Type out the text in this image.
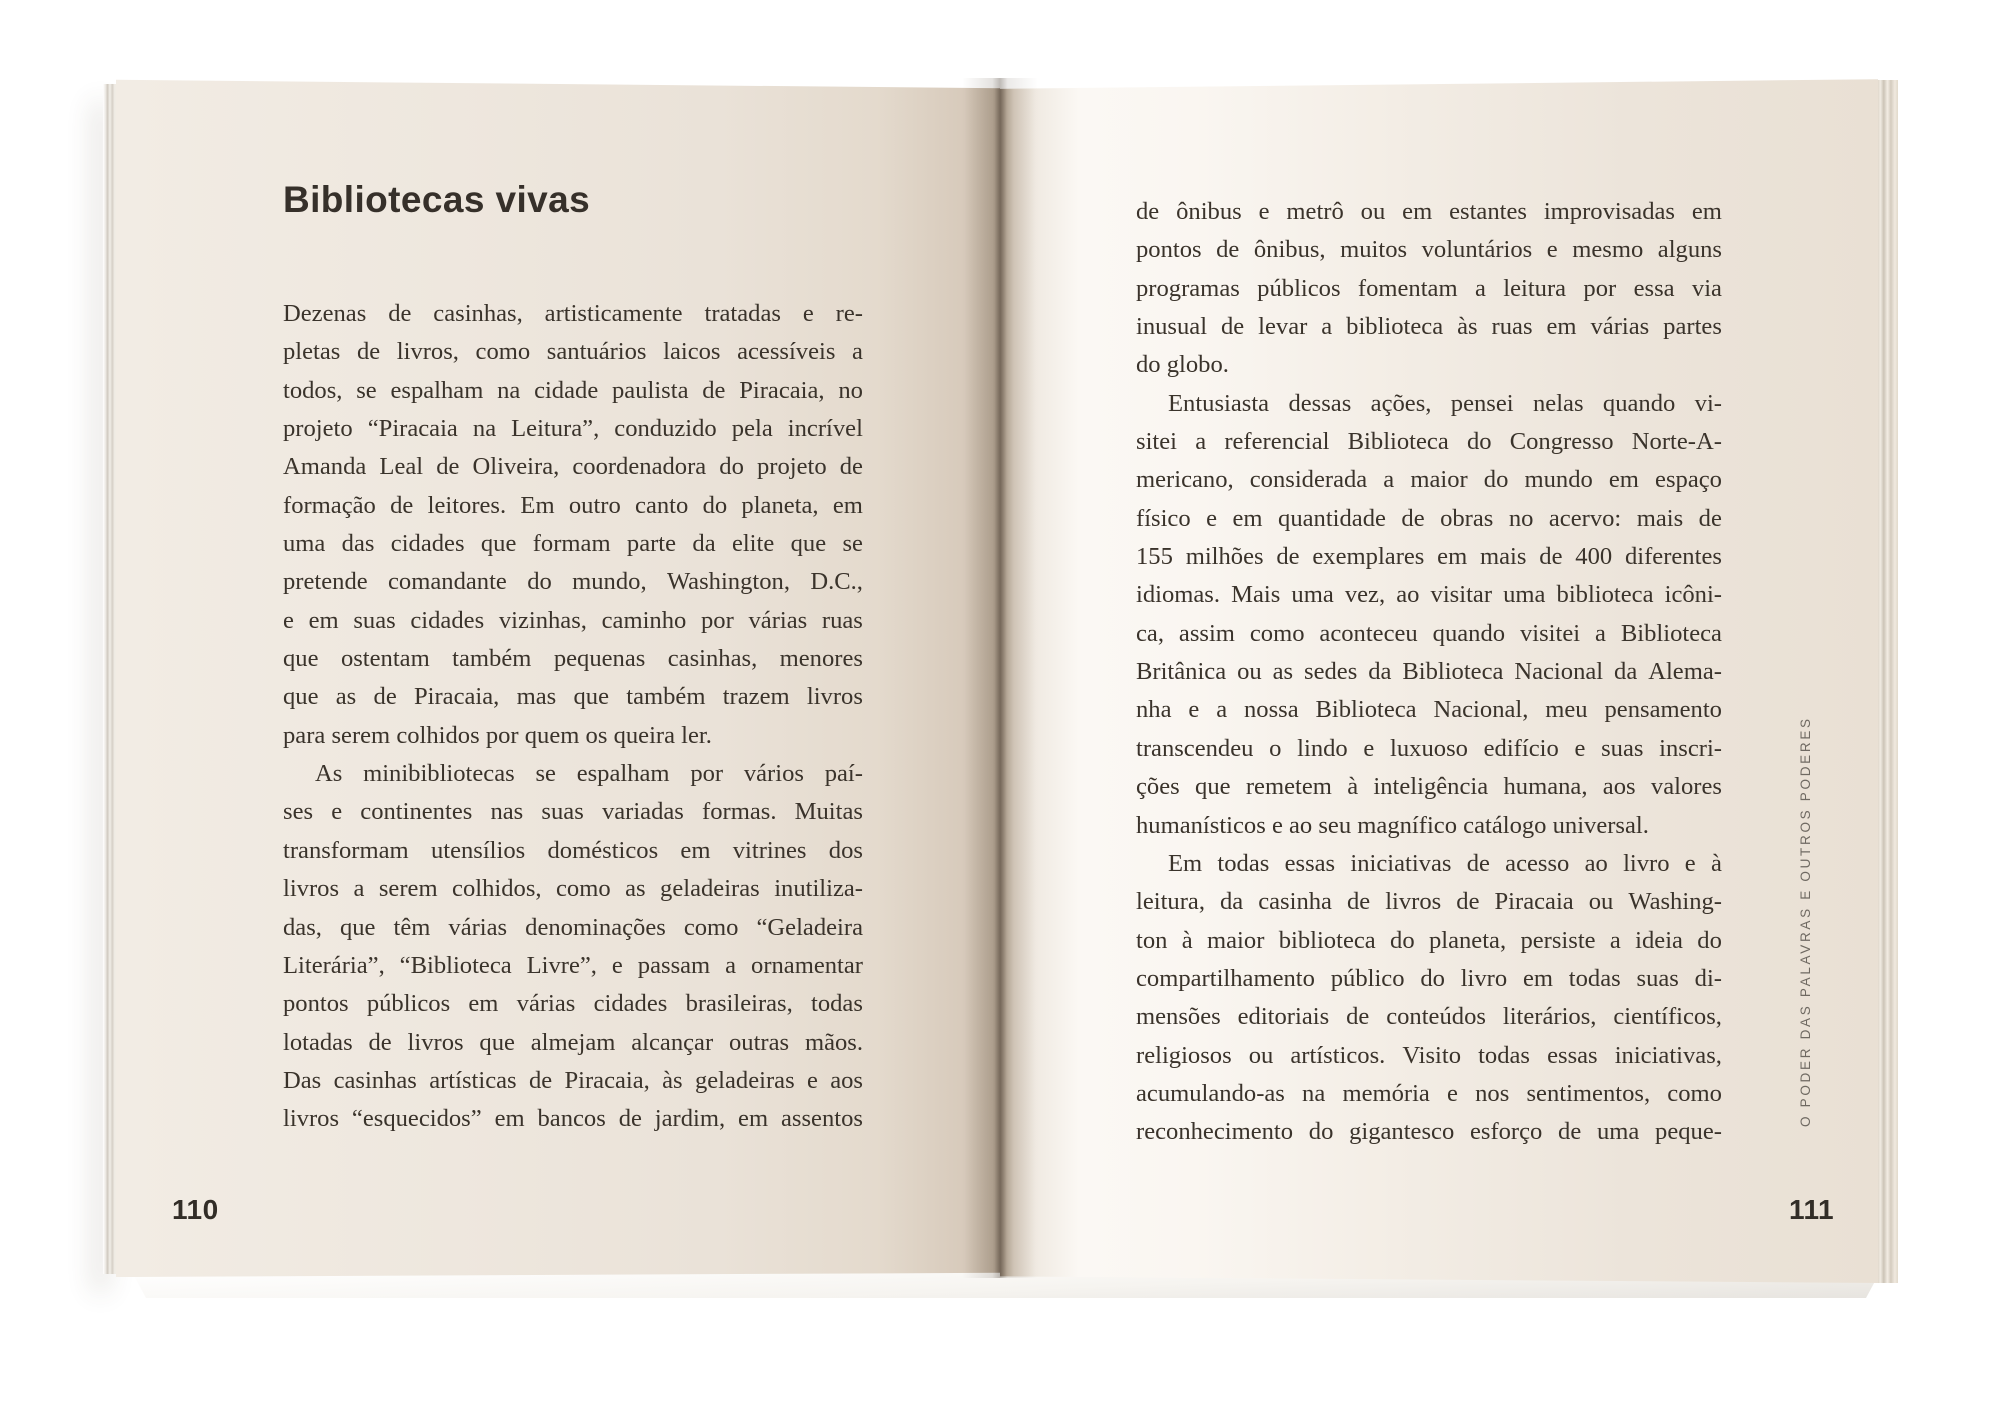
Bibliotecas vivas
Dezenas de casinhas, artisticamente tratadas e re-
pletas de livros, como santuários laicos acessíveis a
todos, se espalham na cidade paulista de Piracaia, no
projeto “Piracaia na Leitura”, conduzido pela incrível
Amanda Leal de Oliveira, coordenadora do projeto de
formação de leitores. Em outro canto do planeta, em
uma das cidades que formam parte da elite que se
pretende comandante do mundo, Washington, D.C.,
e em suas cidades vizinhas, caminho por várias ruas
que ostentam também pequenas casinhas, menores
que as de Piracaia, mas que também trazem livros
para serem colhidos por quem os queira ler.
As minibibliotecas se espalham por vários paí-
ses e continentes nas suas variadas formas. Muitas
transformam utensílios domésticos em vitrines dos
livros a serem colhidos, como as geladeiras inutiliza-
das, que têm várias denominações como “Geladeira
Literária”, “Biblioteca Livre”, e passam a ornamentar
pontos públicos em várias cidades brasileiras, todas
lotadas de livros que almejam alcançar outras mãos.
Das casinhas artísticas de Piracaia, às geladeiras e aos
livros “esquecidos” em bancos de jardim, em assentos
de ônibus e metrô ou em estantes improvisadas em
pontos de ônibus, muitos voluntários e mesmo alguns
programas públicos fomentam a leitura por essa via
inusual de levar a biblioteca às ruas em várias partes
do globo.
Entusiasta dessas ações, pensei nelas quando vi-
sitei a referencial Biblioteca do Congresso Norte-A-
mericano, considerada a maior do mundo em espaço
físico e em quantidade de obras no acervo: mais de
155 milhões de exemplares em mais de 400 diferentes
idiomas. Mais uma vez, ao visitar uma biblioteca icôni-
ca, assim como aconteceu quando visitei a Biblioteca
Britânica ou as sedes da Biblioteca Nacional da Alema-
nha e a nossa Biblioteca Nacional, meu pensamento
transcendeu o lindo e luxuoso edifício e suas inscri-
ções que remetem à inteligência humana, aos valores
humanísticos e ao seu magnífico catálogo universal.
Em todas essas iniciativas de acesso ao livro e à
leitura, da casinha de livros de Piracaia ou Washing-
ton à maior biblioteca do planeta, persiste a ideia do
compartilhamento público do livro em todas suas di-
mensões editoriais de conteúdos literários, científicos,
religiosos ou artísticos. Visito todas essas iniciativas,
acumulando-as na memória e nos sentimentos, como
reconhecimento do gigantesco esforço de uma peque-
110	111
O PODER DAS PALAVRAS E OUTROS PODERES
